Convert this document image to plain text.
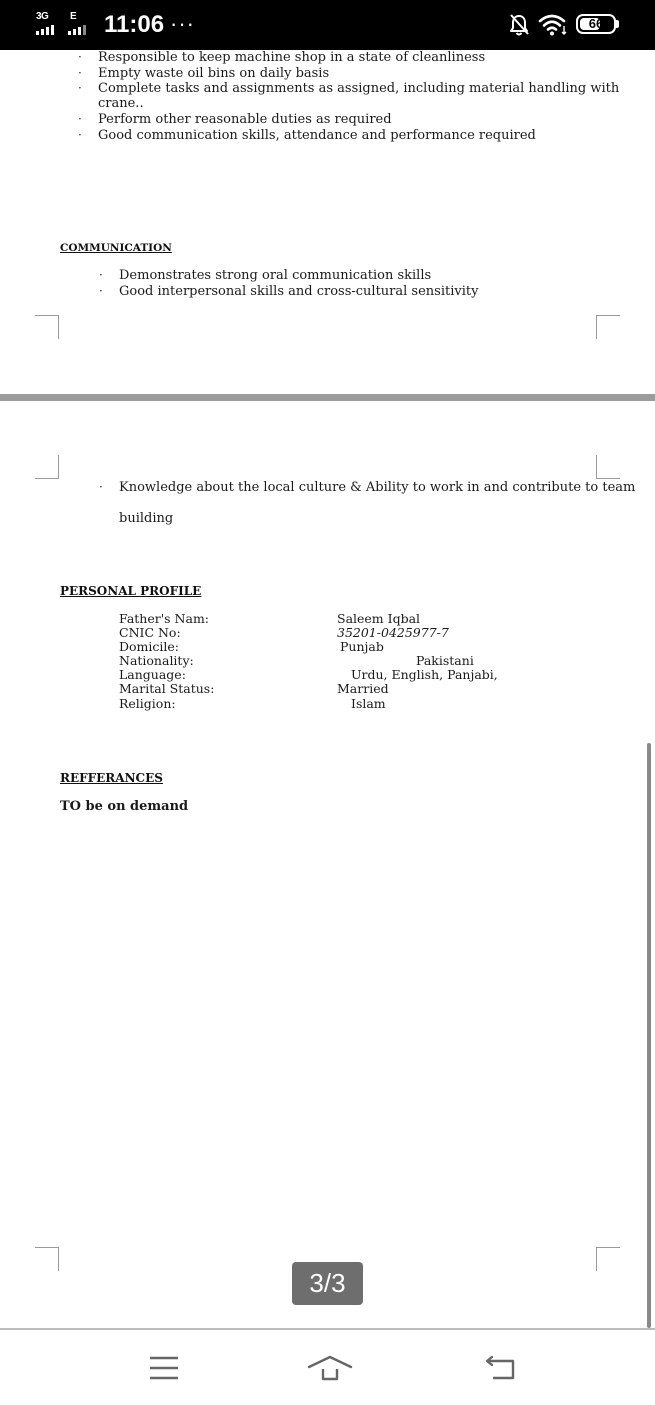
3G E 11:06 ···	66
· Responsible to keep machine shop in a state of cleanliness
· Empty waste oil bins on daily basis
· Complete tasks and assignments as assigned, including material handling with
crane..
· Perform other reasonable duties as required
· Good communication skills, attendance and performance required
COMMUNICATION
· Demonstrates strong oral communication skills
· Good interpersonal skills and cross-cultural sensitivity
· Knowledge about the local culture & Ability to work in and contribute to team
building
PERSONAL PROFILE
Father's Nam:	Saleem Iqbal
CNIC No:	35201-0425977-7
Domicile:	Punjab
Nationality:	Pakistani
Language:	Urdu, English, Panjabi,
Marital Status:	Married
Religion:	Islam
REFFERANCES
TO be on demand
3/3
